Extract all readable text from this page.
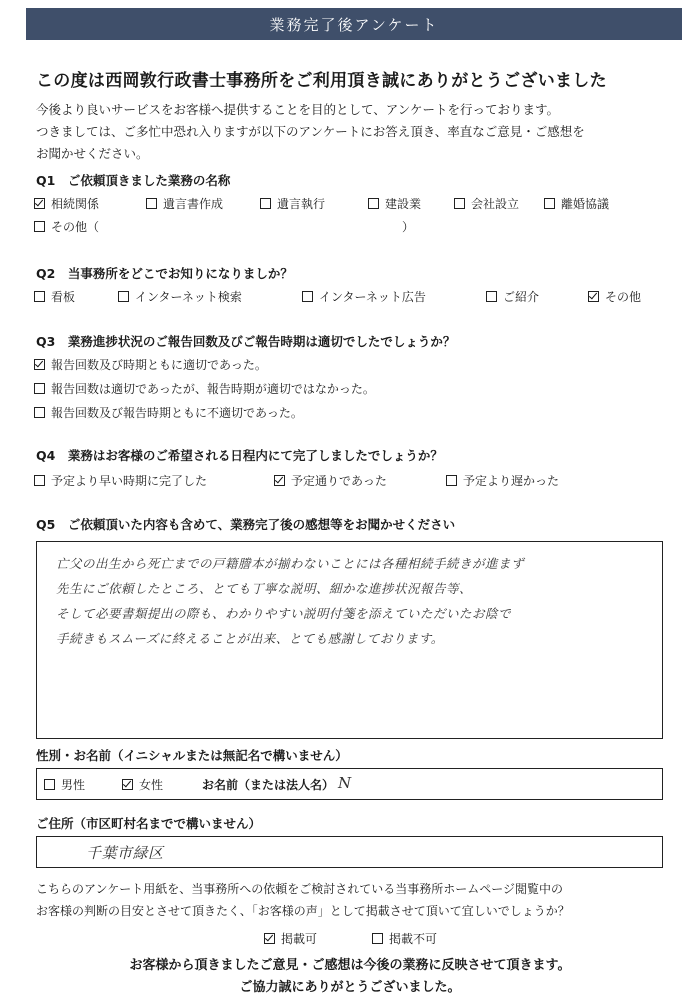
業務完了後アンケート
この度は西岡敦行政書士事務所をご利用頂き誠にありがとうございました
今後より良いサービスをお客様へ提供することを目的として、アンケートを行っております。
つきましては、ご多忙中恐れ入りますが以下のアンケートにお答え頂き、率直なご意見・ご感想を
お聞かせください。
Q1　ご依頼頂きました業務の名称
相続関係	遺言書作成	遺言執行	建設業	会社設立	離婚協議
その他（	）
Q2　当事務所をどこでお知りになりましか？
看板	インターネット検索	インターネット広告	ご紹介	その他
Q3　業務進捗状況のご報告回数及びご報告時期は適切でしたでしょうか？
報告回数及び時期ともに適切であった。
報告回数は適切であったが、報告時期が適切ではなかった。
報告回数及び報告時期ともに不適切であった。
Q4　業務はお客様のご希望される日程内にて完了しましたでしょうか？
予定より早い時期に完了した	予定通りであった	予定より遅かった
Q5　ご依頼頂いた内容も含めて、業務完了後の感想等をお聞かせください
亡父の出生から死亡までの戸籍謄本が揃わないことには各種相続手続きが進まず
先生にご依頼したところ、とても丁寧な説明、細かな進捗状況報告等、
そして必要書類提出の際も、わかりやすい説明付箋を添えていただいたお陰で
手続きもスムーズに終えることが出来、とても感謝しております。
性別・お名前（イニシャルまたは無記名で構いません）
男性	女性	お名前（または法人名） N
ご住所（市区町村名までで構いません）
千葉市緑区
こちらのアンケート用紙を、当事務所への依頼をご検討されている当事務所ホームページ閲覧中の
お客様の判断の目安とさせて頂きたく、「お客様の声」として掲載させて頂いて宜しいでしょうか？
掲載可	掲載不可
お客様から頂きましたご意見・ご感想は今後の業務に反映させて頂きます。
ご協力誠にありがとうございました。
